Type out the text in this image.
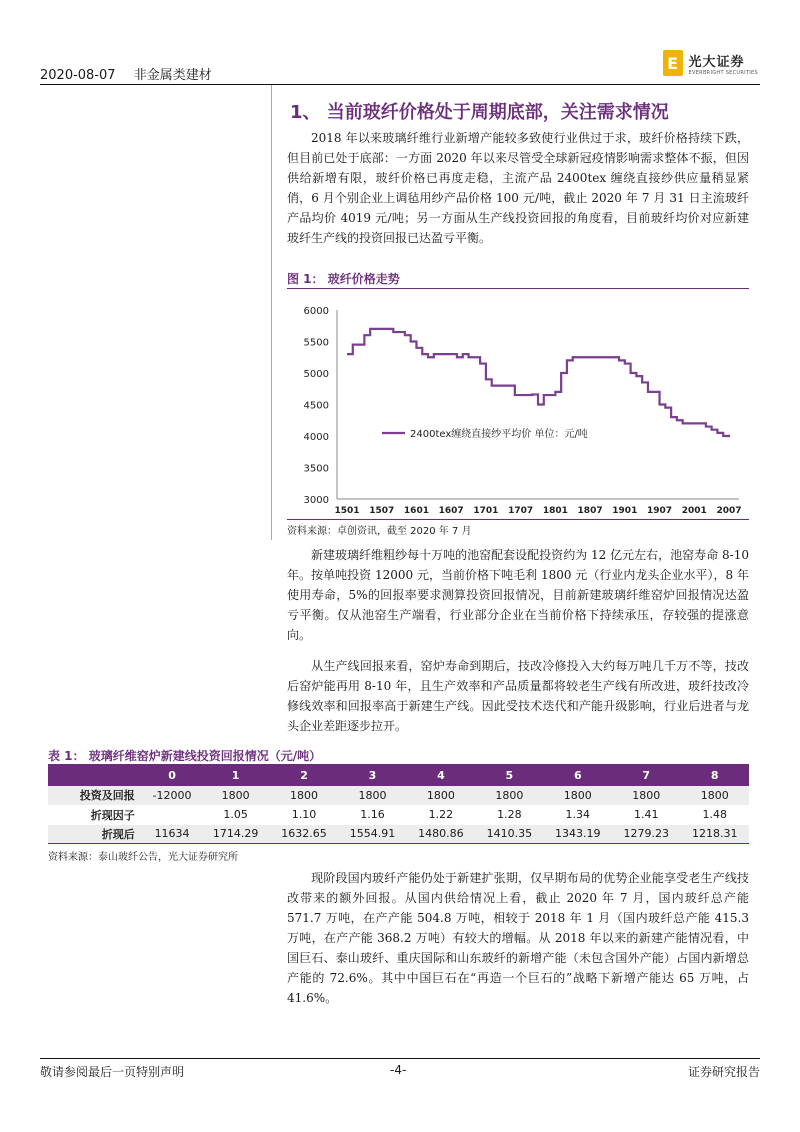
2020-08-07 非金属类建材
E 光大证券
EVERBRIGHT SECURITIES
1、 当前玻纤价格处于周期底部，关注需求情况
2018 年以来玻璃纤维行业新增产能较多致使行业供过于求，玻纤价格持续下跌，但目前已处于底部：一方面 2020 年以来尽管受全球新冠疫情影响需求整体不振，但因供给新增有限，玻纤价格已再度走稳，主流产品 2400tex 缠绕直接纱供应量稍显紧俏，6 月个别企业上调毡用纱产品价格 100 元/吨，截止 2020 年 7 月 31 日主流玻纤产品均价 4019 元/吨；另一方面从生产线投资回报的角度看，目前玻纤均价对应新建玻纤生产线的投资回报已达盈亏平衡。
图 1： 玻纤价格走势
3000
3500
4000
4500
5000
5500
6000
1501 1507 1601 1607 1701 1707 1801 1807 1901 1907 2001 2007
2400tex缠绕直接纱平均价 单位：元/吨
资料来源：卓创资讯，截至 2020 年 7 月
新建玻璃纤维粗纱每十万吨的池窑配套设配投资约为 12 亿元左右，池窑寿命 8-10 年。按单吨投资 12000 元，当前价格下吨毛利 1800 元（行业内龙头企业水平），8 年使用寿命，5%的回报率要求测算投资回报情况，目前新建玻璃纤维窑炉回报情况达盈亏平衡。仅从池窑生产端看，行业部分企业在当前价格下持续承压，存较强的提涨意向。
从生产线回报来看，窑炉寿命到期后，技改冷修投入大约每万吨几千万不等，技改后窑炉能再用 8-10 年，且生产效率和产品质量都将较老生产线有所改进，玻纤技改冷修线效率和回报率高于新建生产线。因此受技术迭代和产能升级影响，行业后进者与龙头企业差距逐步拉开。
表 1： 玻璃纤维窑炉新建线投资回报情况（元/吨）
	0	1	2	3	4	5	6	7	8
投资及回报	-12000	1800	1800	1800	1800	1800	1800	1800	1800
折现因子		1.05	1.10	1.16	1.22	1.28	1.34	1.41	1.48
折现后	11634	1714.29	1632.65	1554.91	1480.86	1410.35	1343.19	1279.23	1218.31
资料来源：泰山玻纤公告，光大证券研究所
现阶段国内玻纤产能仍处于新建扩张期，仅早期布局的优势企业能享受老生产线技改带来的额外回报。从国内供给情况上看，截止 2020 年 7 月，国内玻纤总产能 571.7 万吨，在产产能 504.8 万吨，相较于 2018 年 1 月（国内玻纤总产能 415.3 万吨，在产产能 368.2 万吨）有较大的增幅。从 2018 年以来的新建产能情况看，中国巨石、泰山玻纤、重庆国际和山东玻纤的新增产能（未包含国外产能）占国内新增总产能的 72.6%。其中中国巨石在“再造一个巨石的”战略下新增产能达 65 万吨，占 41.6%。
敬请参阅最后一页特别声明	-4-	证券研究报告
